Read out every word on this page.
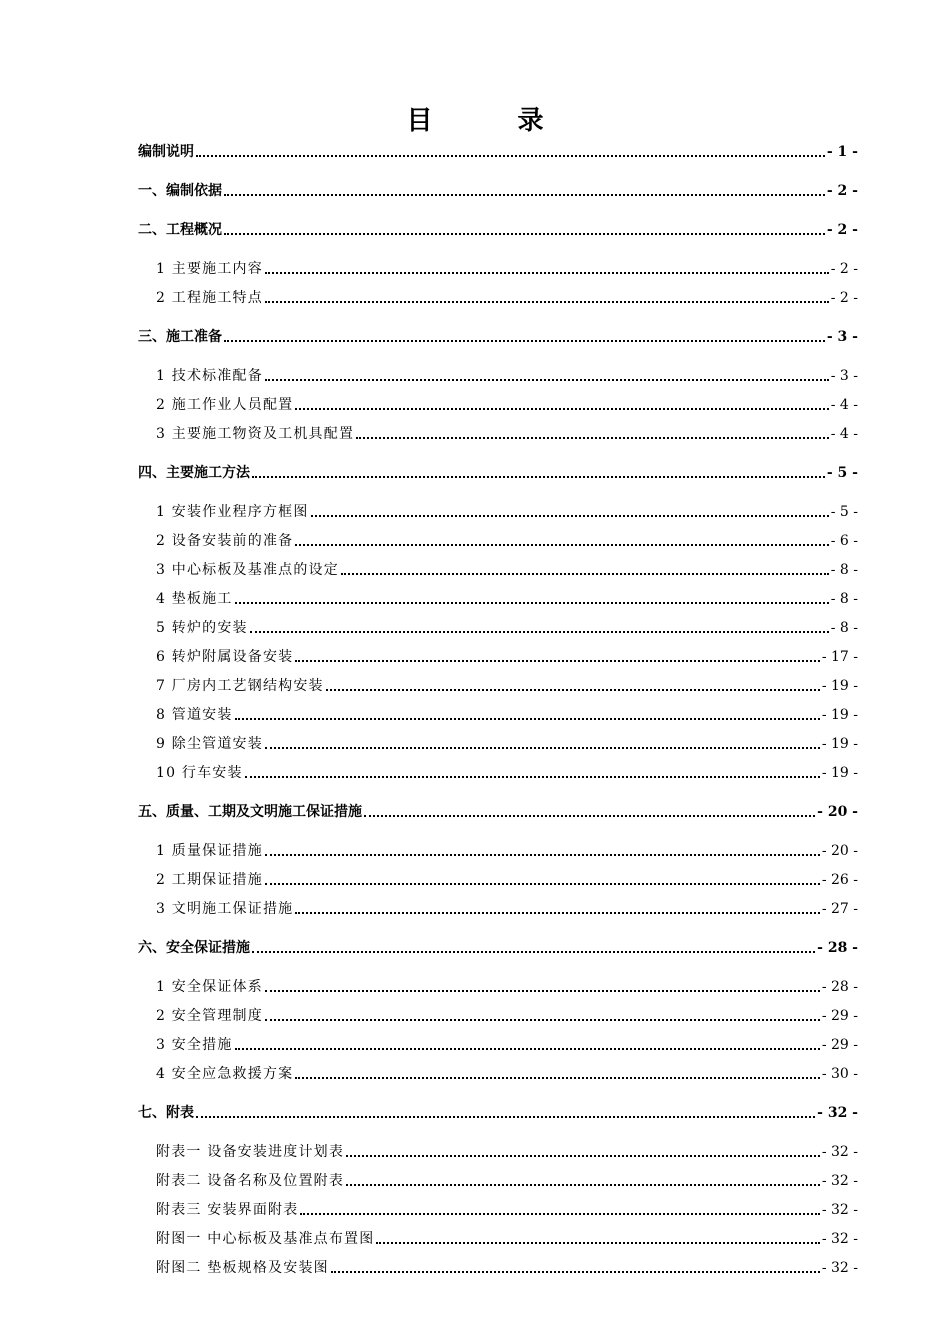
目 录
编制说明	- 1 -
一、编制依据	- 2 -
二、工程概况	- 2 -
1 主要施工内容	- 2 -
2 工程施工特点	- 2 -
三、施工准备	- 3 -
1 技术标准配备	- 3 -
2 施工作业人员配置	- 4 -
3 主要施工物资及工机具配置	- 4 -
四、主要施工方法	- 5 -
1 安装作业程序方框图	- 5 -
2 设备安装前的准备	- 6 -
3 中心标板及基准点的设定	- 8 -
4 垫板施工	- 8 -
5 转炉的安装	- 8 -
6 转炉附属设备安装	- 17 -
7 厂房内工艺钢结构安装	- 19 -
8 管道安装	- 19 -
9 除尘管道安装	- 19 -
10 行车安装	- 19 -
五、质量、工期及文明施工保证措施	- 20 -
1 质量保证措施	- 20 -
2 工期保证措施	- 26 -
3 文明施工保证措施	- 27 -
六、安全保证措施	- 28 -
1 安全保证体系	- 28 -
2 安全管理制度	- 29 -
3 安全措施	- 29 -
4 安全应急救援方案	- 30 -
七、附表	- 32 -
附表一 设备安装进度计划表	- 32 -
附表二 设备名称及位置附表	- 32 -
附表三 安装界面附表	- 32 -
附图一 中心标板及基准点布置图	- 32 -
附图二 垫板规格及安装图	- 32 -
